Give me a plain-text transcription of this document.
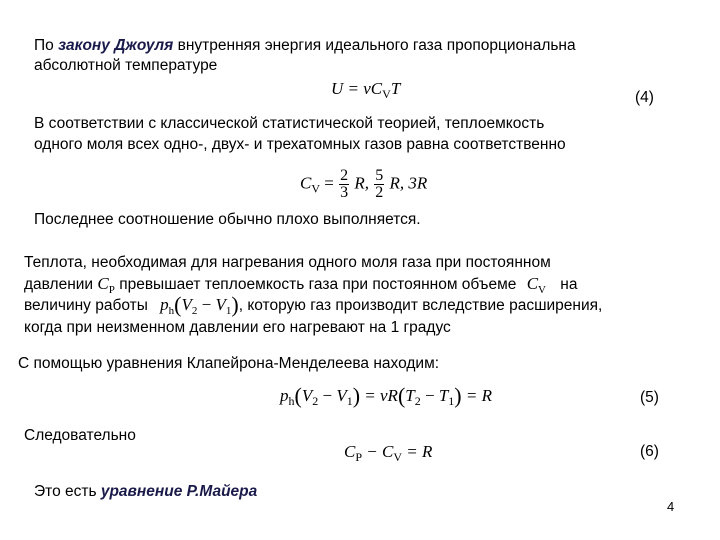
По закону Джоуля внутренняя энергия идеального газа пропорциональна
абсолютной температуре
$U = \nu C_VT$	(4)
В соответствии с классической статистической теорией, теплоемкость
одного моля всех одно-, двух- и трехатомных газов равна соответственно
$C_V = \frac{2}{3} R$, $\frac{5}{2} R$, 3R
Последнее соотношение обычно плохо выполняется.
Теплота, необходимая для нагревания одного моля газа при постоянном
давлении $C_P$ превышает теплоемкость газа при постоянном объеме $C_V$ на
величину работы $p_h(V_2 - V_1)$, которую газ производит вследствие расширения,
когда при неизменном давлении его нагревают на 1 градус
С помощью уравнения Клапейрона-Менделеева находим:
$p_h(V_2 - V_1) = \nu R(T_2 - T_1) = R$	(5)
Следовательно
$C_P - C_V = R$	(6)
Это есть уравнение Р.Майера
4
